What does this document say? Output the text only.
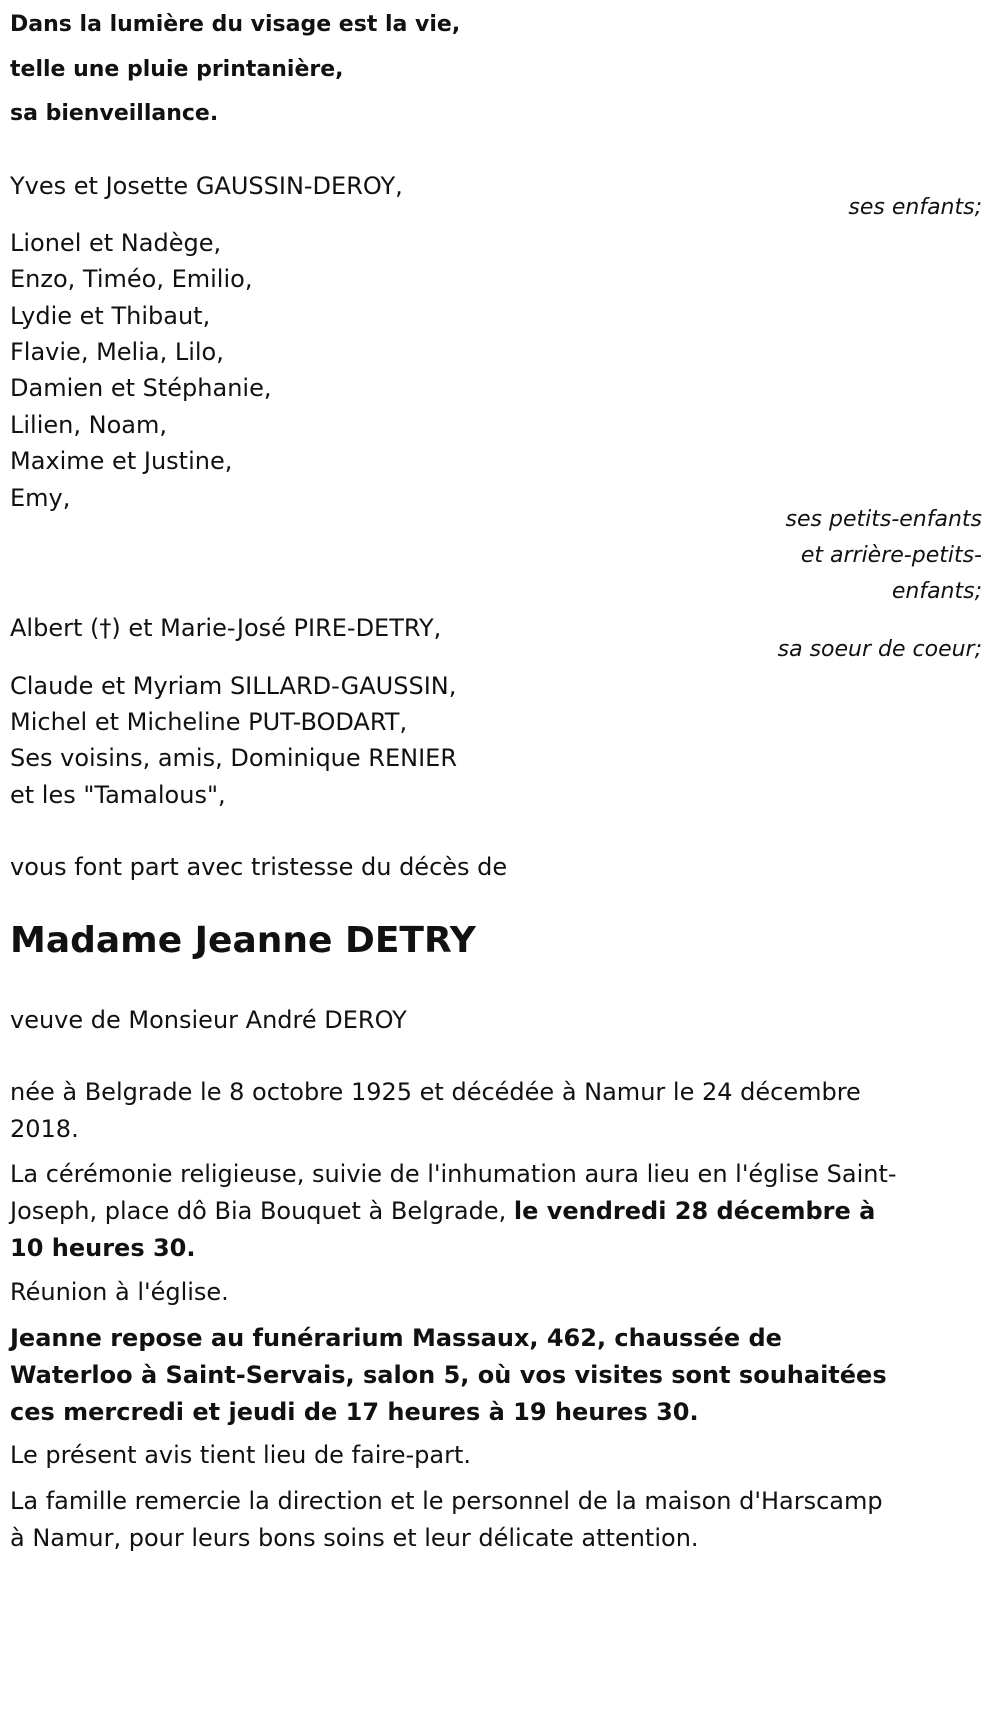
Dans la lumière du visage est la vie,
telle une pluie printanière,
sa bienveillance.
Yves et Josette GAUSSIN-DEROY,
ses enfants;
Lionel et Nadège,
Enzo, Timéo, Emilio,
Lydie et Thibaut,
Flavie, Melia, Lilo,
Damien et Stéphanie,
Lilien, Noam,
Maxime et Justine,
Emy,
ses petits-enfants
et arrière-petits-
enfants;
Albert (†) et Marie-José PIRE-DETRY,
sa soeur de coeur;
Claude et Myriam SILLARD-GAUSSIN,
Michel et Micheline PUT-BODART,
Ses voisins, amis, Dominique RENIER
et les "Tamalous",
vous font part avec tristesse du décès de
Madame Jeanne DETRY
veuve de Monsieur André DEROY
née à Belgrade le 8 octobre 1925 et décédée à Namur le 24 décembre 2018.
La cérémonie religieuse, suivie de l'inhumation aura lieu en l'église Saint-Joseph, place dô Bia Bouquet à Belgrade, le vendredi 28 décembre à 10 heures 30.
Réunion à l'église.
Jeanne repose au funérarium Massaux, 462, chaussée de Waterloo à Saint-Servais, salon 5, où vos visites sont souhaitées ces mercredi et jeudi de 17 heures à 19 heures 30.
Le présent avis tient lieu de faire-part.
La famille remercie la direction et le personnel de la maison d'Harscamp à Namur, pour leurs bons soins et leur délicate attention.
